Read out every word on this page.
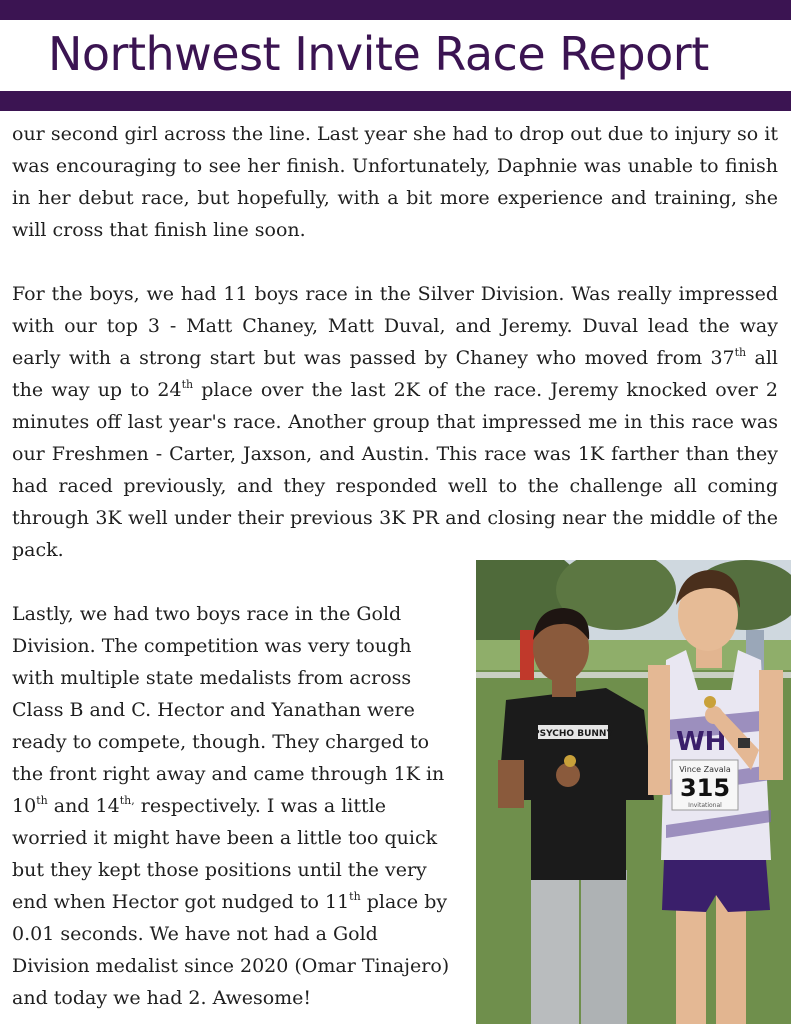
Northwest Invite Race Report

our second girl across the line. Last year she had to drop out due to injury so it was encouraging to see her finish. Unfortunately, Daphnie was unable to finish in her debut race, but hopefully, with a bit more experience and training, she will cross that finish line soon.

For the boys, we had 11 boys race in the Silver Division. Was really impressed with our top 3 - Matt Chaney, Matt Duval, and Jeremy. Duval lead the way early with a strong start but was passed by Chaney who moved from 37th all the way up to 24th place over the last 2K of the race. Jeremy knocked over 2 minutes off last year's race. Another group that impressed me in this race was our Freshmen - Carter, Jaxson, and Austin. This race was 1K farther than they had raced previously, and they responded well to the challenge all coming through 3K well under their previous 3K PR and closing near the middle of the pack.

Lastly, we had two boys race in the Gold Division. The competition was very tough with multiple state medalists from across Class B and C. Hector and Yanathan were ready to compete, though. They charged to the front right away and came through 1K in 10th and $14^{th,}$ respectively. I was a little worried it might have been a little too quick but they kept those positions until the very end when Hector got nudged to 11th place by 0.01 seconds. We have not had a Gold Division medalist since 2020 (Omar Tinajero) and today we had 2. Awesome!

PSYCHO BUNNY WH
Vince Zavala
315
Invitational
